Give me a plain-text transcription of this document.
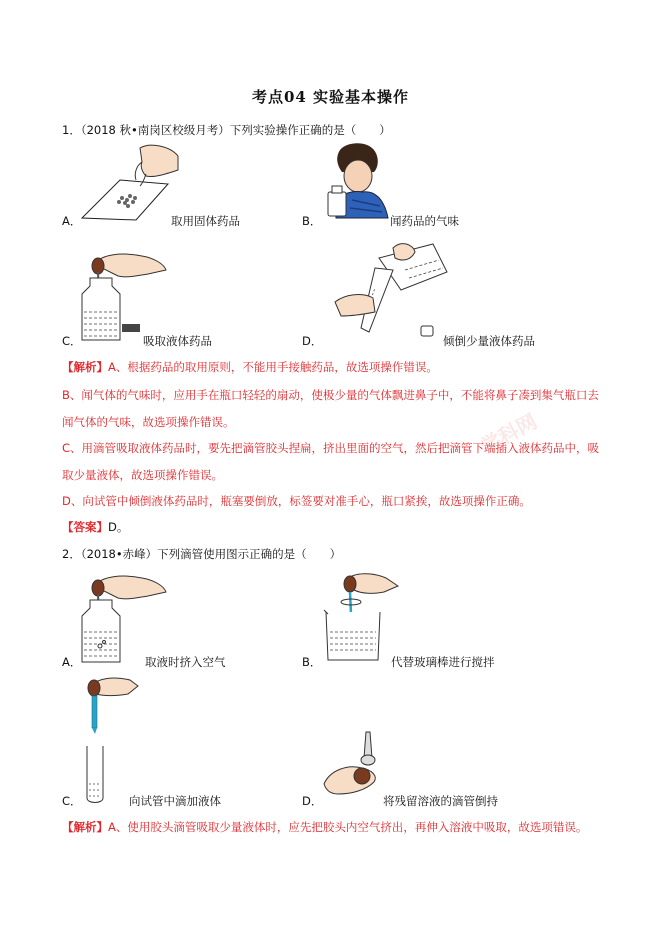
考点04 实验基本操作
1．（2018 秋•南岗区校级月考）下列实验操作正确的是（　　）
A．	取用固体药品	B．	闻药品的气味
C．	吸取液体药品	D．	倾倒少量液体药品
【解析】A、根据药品的取用原则，不能用手接触药品，故选项操作错误。
B、闻气体的气味时，应用手在瓶口轻轻的扇动，使极少量的气体飘进鼻子中，不能将鼻子凑到集气瓶口去
闻气体的气味，故选项操作错误。
C、用滴管吸取液体药品时，要先把滴管胶头捏扁，挤出里面的空气，然后把滴管下端插入液体药品中，吸
取少量液体，故选项操作错误。
D、向试管中倾倒液体药品时，瓶塞要倒放，标签要对准手心，瓶口紧挨，故选项操作正确。
学科网
【答案】D。
2．（2018•赤峰）下列滴管使用图示正确的是（　　）
A．	取液时挤入空气	B．	代替玻璃棒进行搅拌
C．	向试管中滴加液体	D．	将残留溶液的滴管倒持
【解析】A、使用胶头滴管吸取少量液体时，应先把胶头内空气挤出，再伸入溶液中吸取，故选项错误。
